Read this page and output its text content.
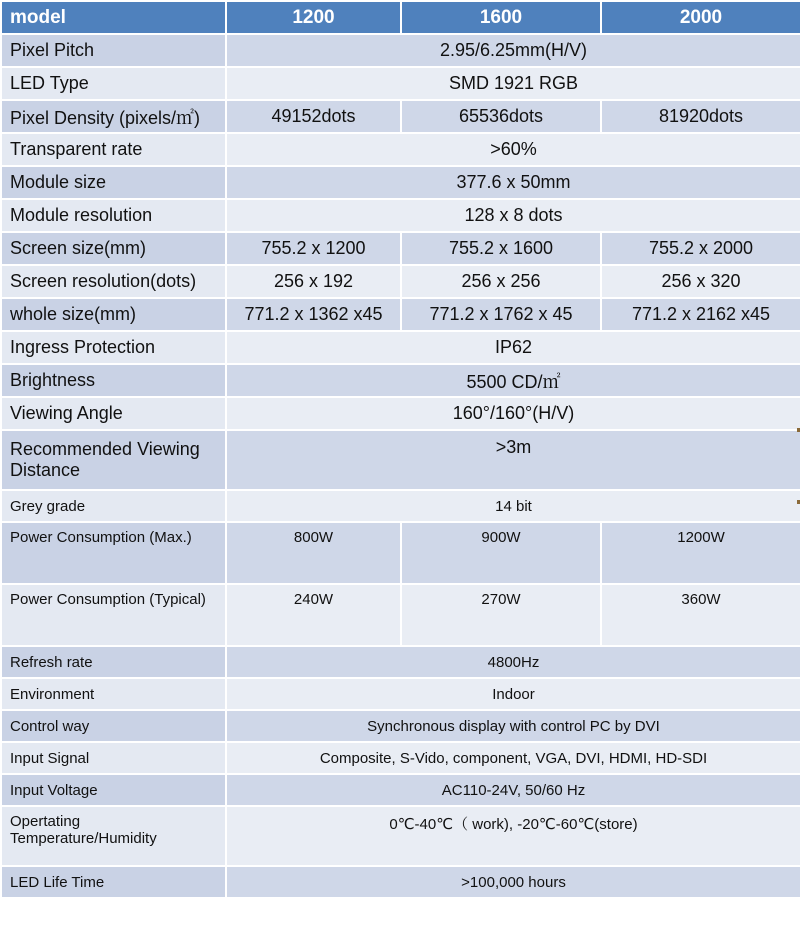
model	1200	1600	2000
Pixel Pitch	2.95/6.25mm(H/V)		
LED Type	SMD 1921 RGB		
Pixel Density (pixels/㎡)	49152dots	65536dots	81920dots
Transparent rate	>60%		
Module size	377.6 x 50mm		
Module resolution	128 x 8 dots		
Screen size(mm)	755.2 x 1200	755.2 x 1600	755.2 x 2000
Screen resolution(dots)	256 x 192	256 x 256	256 x 320
whole size(mm)	771.2 x 1362 x45	771.2 x 1762 x 45	771.2 x 2162 x45
Ingress Protection	IP62		
Brightness	5500 CD/㎡		
Viewing Angle	160°/160°(H/V)		
Recommended Viewing Distance	>3m		
Grey grade	14 bit		
Power Consumption (Max.)	800W	900W	1200W
Power Consumption (Typical)	240W	270W	360W
Refresh rate	4800Hz		
Environment	Indoor		
Control way	Synchronous display with control PC by DVI		
Input Signal	Composite, S-Vido, component, VGA, DVI, HDMI, HD-SDI		
Input Voltage	AC110-24V, 50/60 Hz		
Opertating Temperature/Humidity	0℃-40℃（ work), -20℃-60℃(store)		
LED Life Time	>100,000 hours		
